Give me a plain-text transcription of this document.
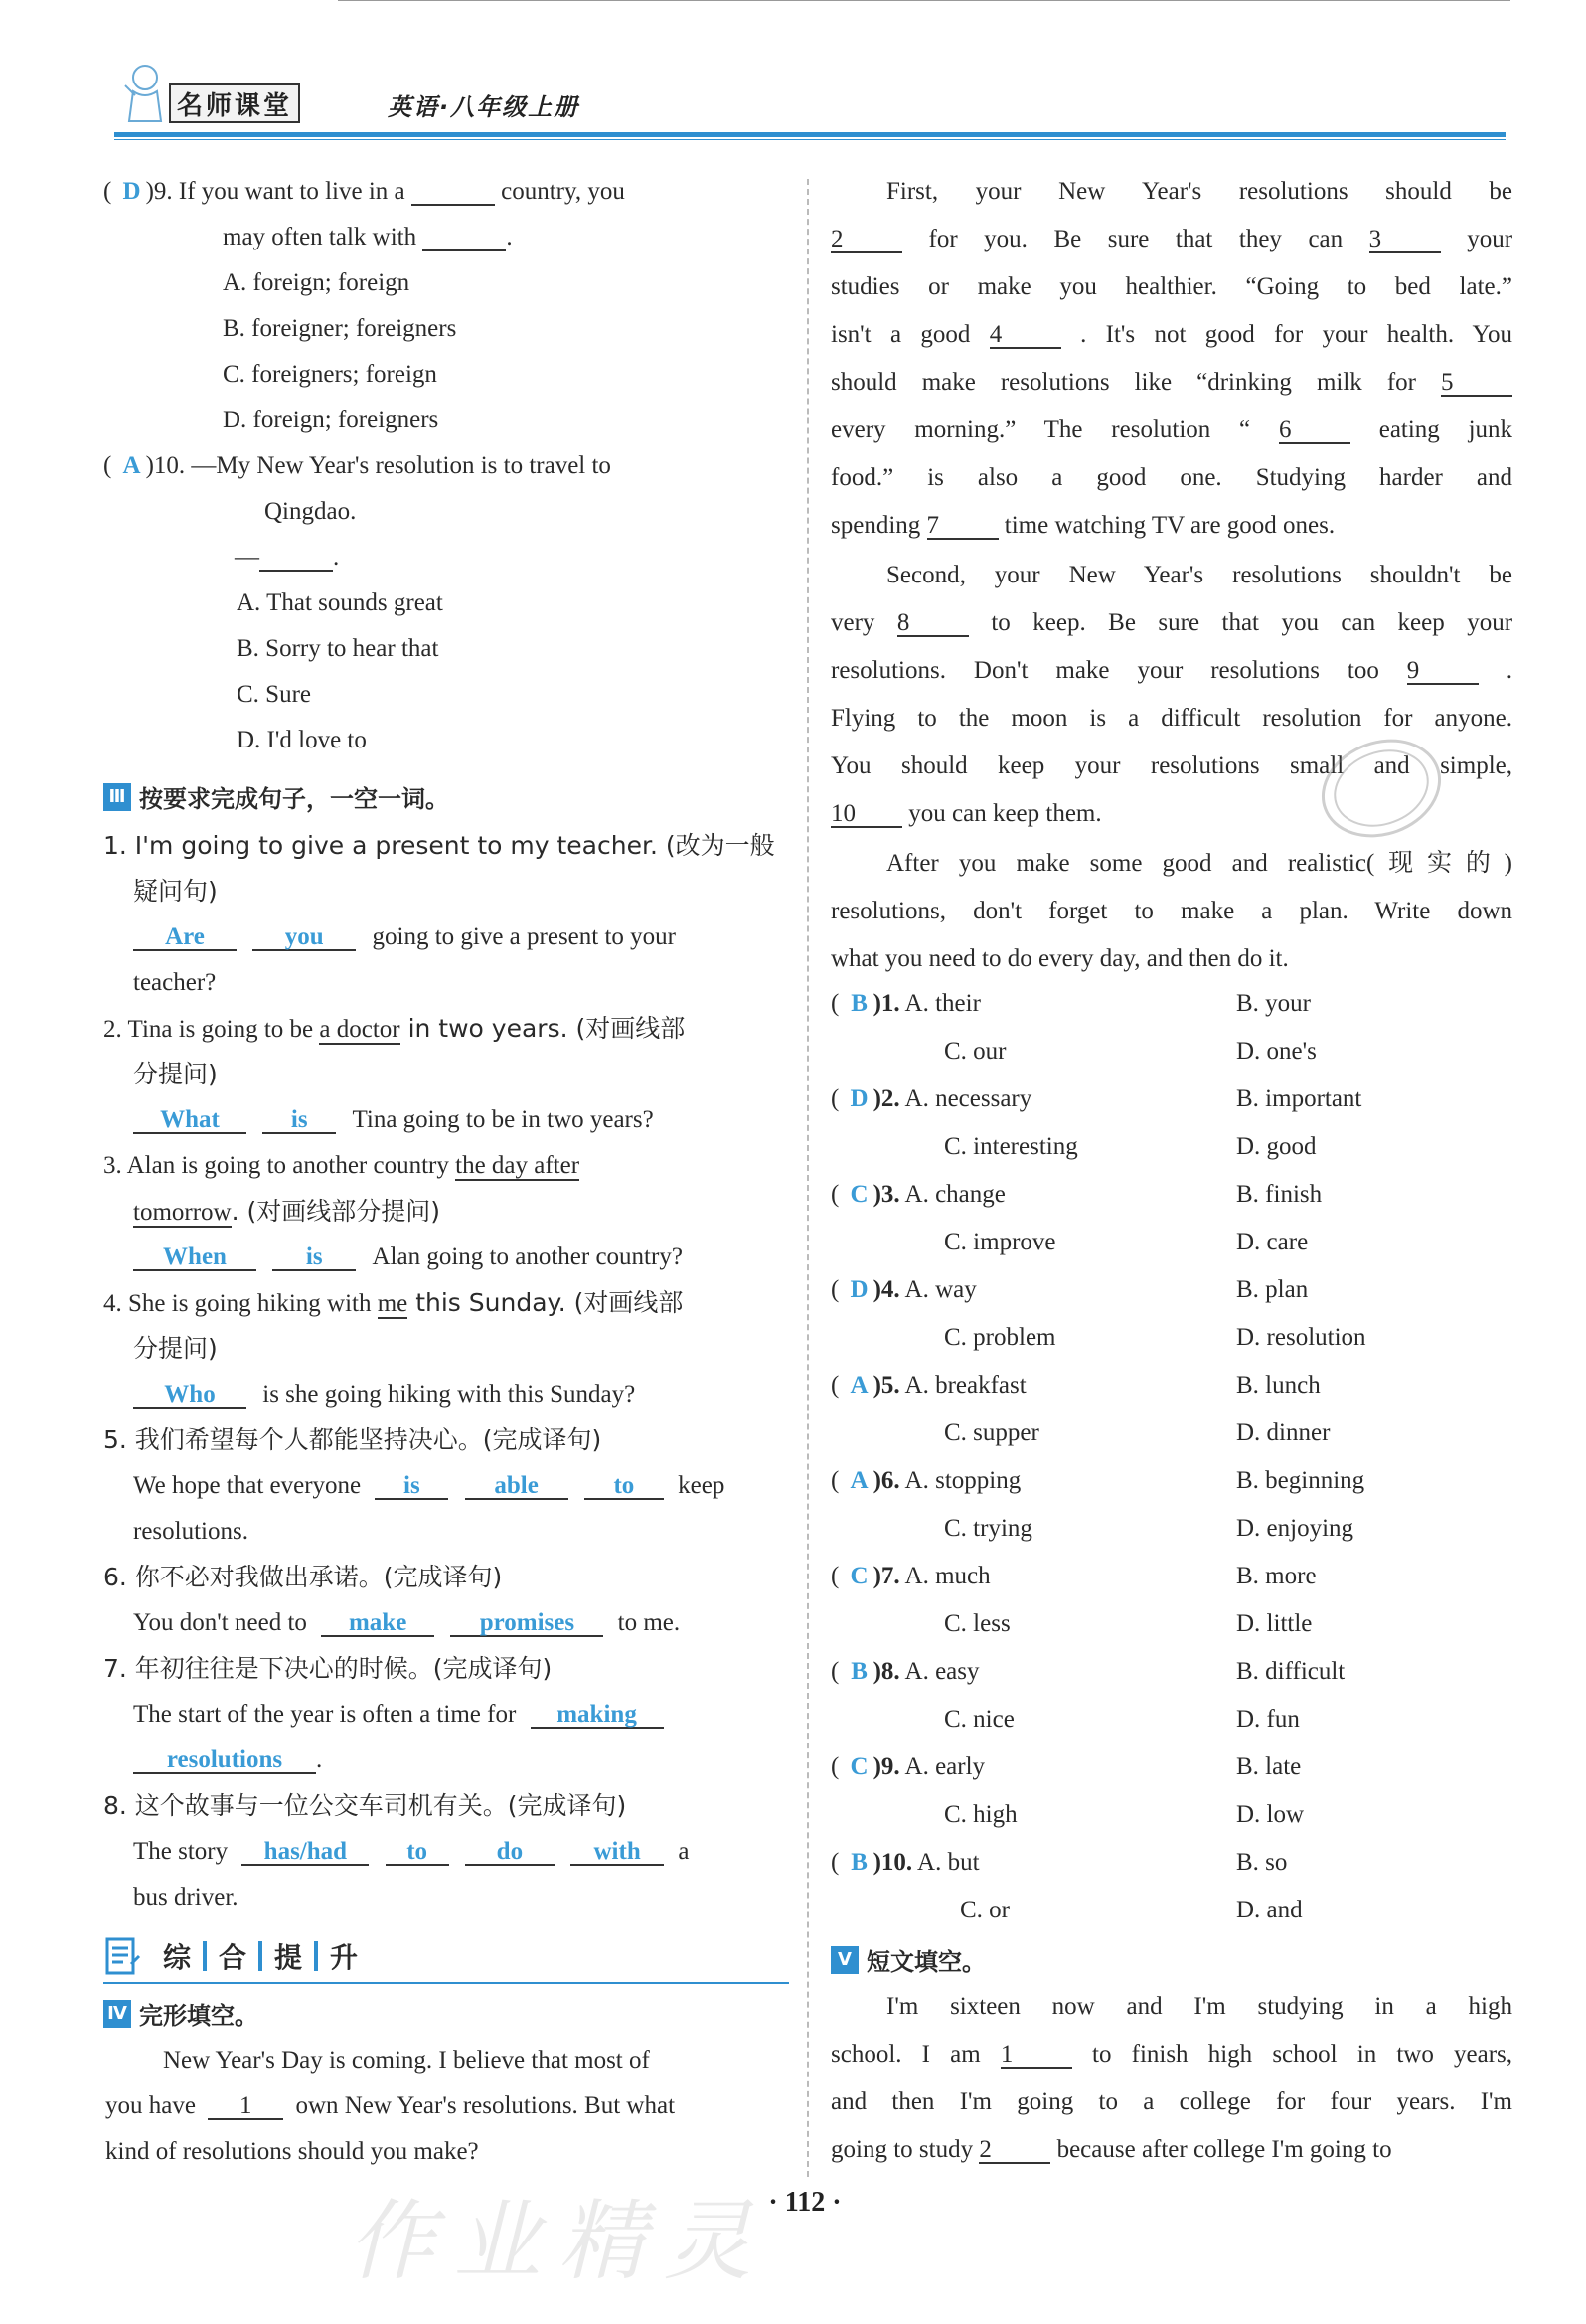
名师课堂	英语·八年级上册
( D )9. If you want to live in a	country, you
may often talk with	.
A. foreign; foreign
B. foreigner; foreigners
C. foreigners; foreign
D. foreign; foreigners
( A )10. —My New Year's resolution is to travel to
Qingdao.
—	.
A. That sounds great
B. Sorry to hear that
C. Sure
D. I'd love to
Ⅲ 按要求完成句子，一空一词。
1. I'm going to give a present to my teacher. (改为一般
疑问句)
Are	you going to give a present to your
teacher?
2. Tina is going to be a doctor in two years. (对画线部
分提问)
What	is Tina going to be in two years?
3. Alan is going to another country the day after
tomorrow. (对画线部分提问)
When	is Alan going to another country?
4. She is going hiking with me this Sunday. (对画线部
分提问)
Who is she going hiking with this Sunday?
5. 我们希望每个人都能坚持决心。(完成译句)
We hope that everyone is	able	to keep
resolutions.
6. 你不必对我做出承诺。(完成译句)
You don't need to make	promises to me.
7. 年初往往是下决心的时候。(完成译句)
The start of the year is often a time for making
resolutions .
8. 这个故事与一位公交车司机有关。(完成译句)
The story has/had to	do	with a
bus driver.
综	合	提	升
Ⅳ 完形填空。
New Year's Day is coming. I believe that most of
you have 1 own New Year's resolutions. But what
kind of resolutions should you make?
First, your New Year's resolutions should be
2	for you. Be sure that they can 3	your
studies or make you healthier. “Going to bed late.”
isn't a good 4	. It's not good for your health. You
should make resolutions like “drinking milk for 5
every morning.” The resolution “ 6	eating junk
food.” is also a good one. Studying harder and
spending 7	time watching TV are good ones.
Second, your New Year's resolutions shouldn't be
very 8	to keep. Be sure that you can keep your
resolutions. Don't make your resolutions too 9	.
Flying to the moon is a difficult resolution for anyone.
You should keep your resolutions small and simple,
10 you can keep them.
After you make some good and realistic(现实的)
resolutions, don't forget to make a plan. Write down
what you need to do every day, and then do it.
( B )1. A. their	B. your
C. our	D. one's
( D )2. A. necessary	B. important
C. interesting	D. good
( C )3. A. change	B. finish
C. improve	D. care
( D )4. A. way	B. plan
C. problem	D. resolution
( A )5. A. breakfast	B. lunch
C. supper	D. dinner
( A )6. A. stopping	B. beginning
C. trying	D. enjoying
( C )7. A. much	B. more
C. less	D. little
( B )8. A. easy	B. difficult
C. nice	D. fun
( C )9. A. early	B. late
C. high	D. low
( B )10. A. but	B. so
C. or	D. and
Ⅴ 短文填空。
I'm sixteen now and I'm studying in a high
school. I am 1	to finish high school in two years,
and then I'm going to a college for four years. I'm
going to study 2	because after college I'm going to
作业精灵 · 112 ·
